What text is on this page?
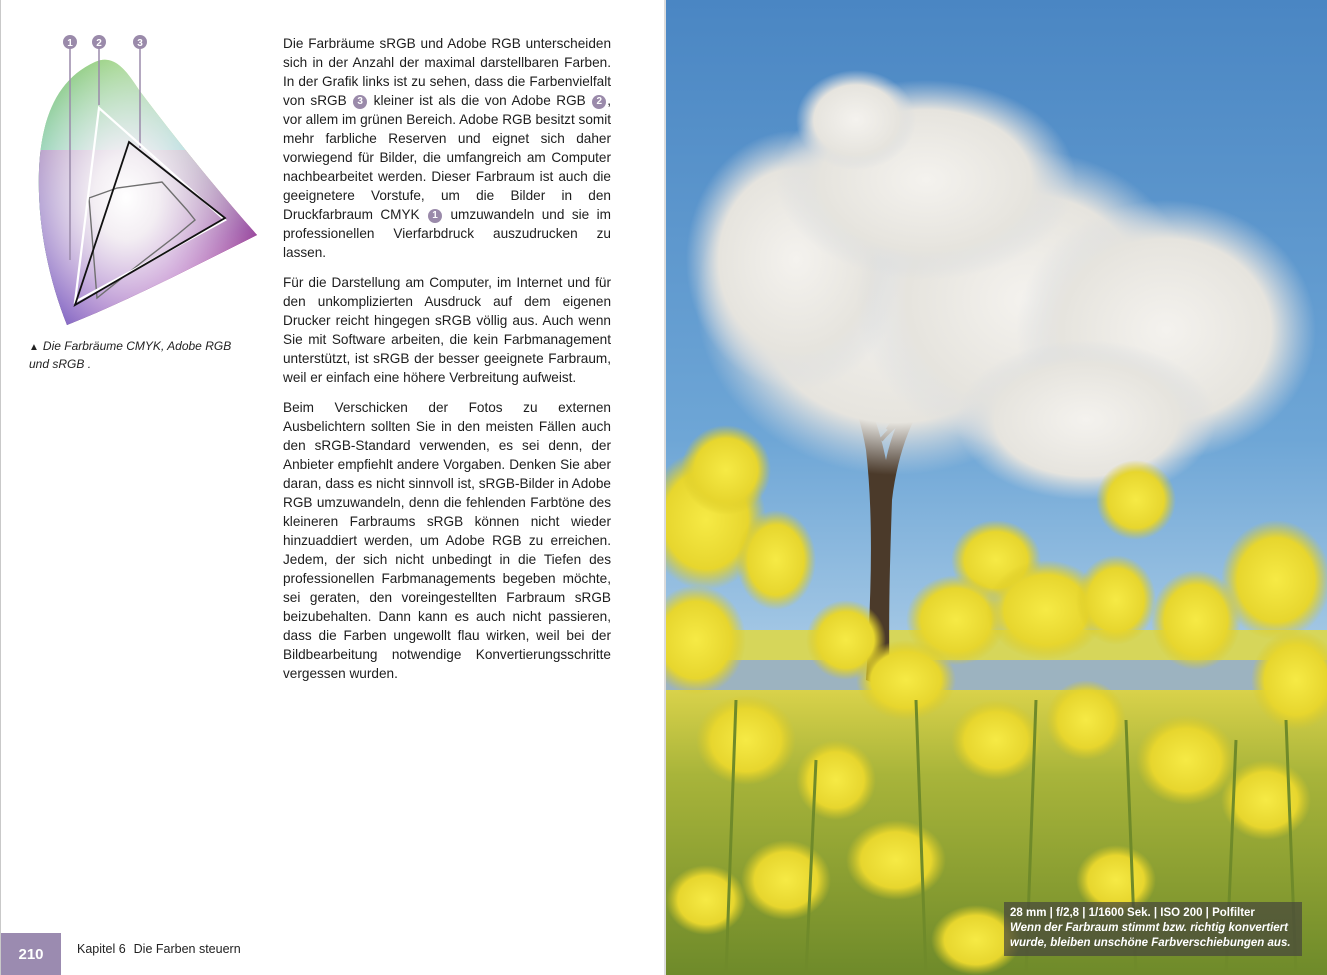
1 2	3
▲ Die Farbräume CMYK, Adobe RGB und sRGB .

Die Farbräume sRGB und Adobe RGB unterscheiden sich in der Anzahl der maximal darstellbaren Farben. In der Grafik links ist zu sehen, dass die Farbenvielfalt von sRGB 3 kleiner ist als die von Adobe RGB 2 , vor allem im grünen Bereich. Adobe RGB besitzt somit mehr farbliche Reserven und eignet sich daher vorwiegend für Bilder, die umfangreich am Computer nachbearbeitet werden. Dieser Farbraum ist auch die geeignetere Vorstufe, um die Bilder in den Druckfarbraum CMYK 1 umzuwandeln und sie im professionellen Vierfarbdruck auszudrucken zu lassen.

Für die Darstellung am Computer, im Internet und für den unkomplizierten Ausdruck auf dem eigenen Drucker reicht hingegen sRGB völlig aus. Auch wenn Sie mit Software arbeiten, die kein Farbmanagement unterstützt, ist sRGB der besser geeignete Farbraum, weil er einfach eine höhere Verbreitung aufweist.

Beim Verschicken der Fotos zu externen Ausbelichtern sollten Sie in den meisten Fällen auch den sRGB-Standard verwenden, es sei denn, der Anbieter empfiehlt andere Vorgaben. Denken Sie aber daran, dass es nicht sinnvoll ist, sRGB-Bilder in Adobe RGB umzuwandeln, denn die fehlenden Farbtöne des kleineren Farbraums sRGB können nicht wieder hinzuaddiert werden, um Adobe RGB zu erreichen. Jedem, der sich nicht unbedingt in die Tiefen des professionellen Farbmanagements begeben möchte, sei geraten, den voreingestellten Farbraum sRGB beizubehalten. Dann kann es auch nicht passieren, dass die Farben ungewollt flau wirken, weil bei der Bildbearbeitung notwendige Konvertierungsschritte vergessen wurden.

210	Kapitel 6 Die Farben steuern
28 mm | f/2,8 | 1/1600 Sek. | ISO 200 | Polfilter
Wenn der Farbraum stimmt bzw. richtig konvertiert wurde, bleiben unschöne Farbverschiebungen aus.
